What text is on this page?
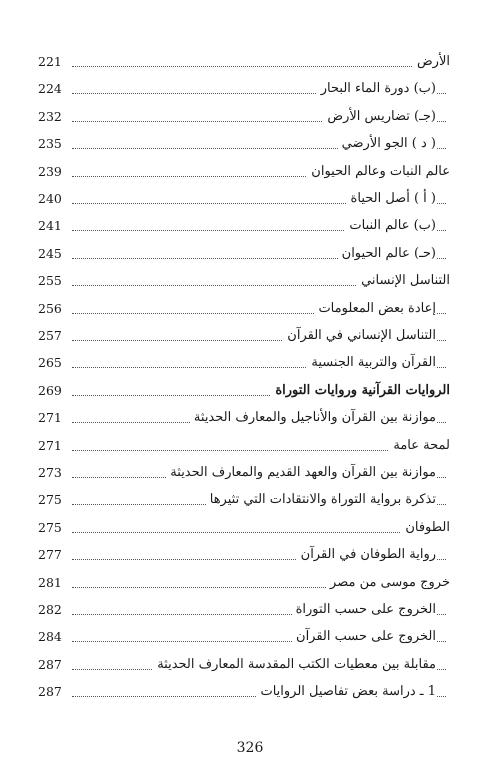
221	الأرض
224	(ب) دورة الماء البحار
232	(جـ) تضاريس الأرض
235	( د ) الجو الأرضي
239	عالم النبات وعالم الحيوان
240	( أ ) أصل الحياة
241	(ب) عالم النبات
245	(حـ) عالم الحيوان
255	التناسل الإنساني
256	إعادة بعض المعلومات
257	التناسل الإنساني في القرآن
265	القرآن والتربية الجنسية
269	الروايات القرآنية وروايات التوراة
271	موازنة بين القرآن والأناجيل والمعارف الحديثة
271	لمحة عامة
273	موازنة بين القرآن والعهد القديم والمعارف الحديثة
275	تذكرة برواية التوراة والانتقادات التي تثيرها
275	الطوفان
277	رواية الطوفان في القرآن
281	خروج موسى من مصر
282	الخروج على حسب التوراة
284	الخروج على حسب القرآن
287	مقابلة بين معطيات الكتب المقدسة المعارف الحديثة
287	1 ـ دراسة بعض تفاصيل الروايات
326
